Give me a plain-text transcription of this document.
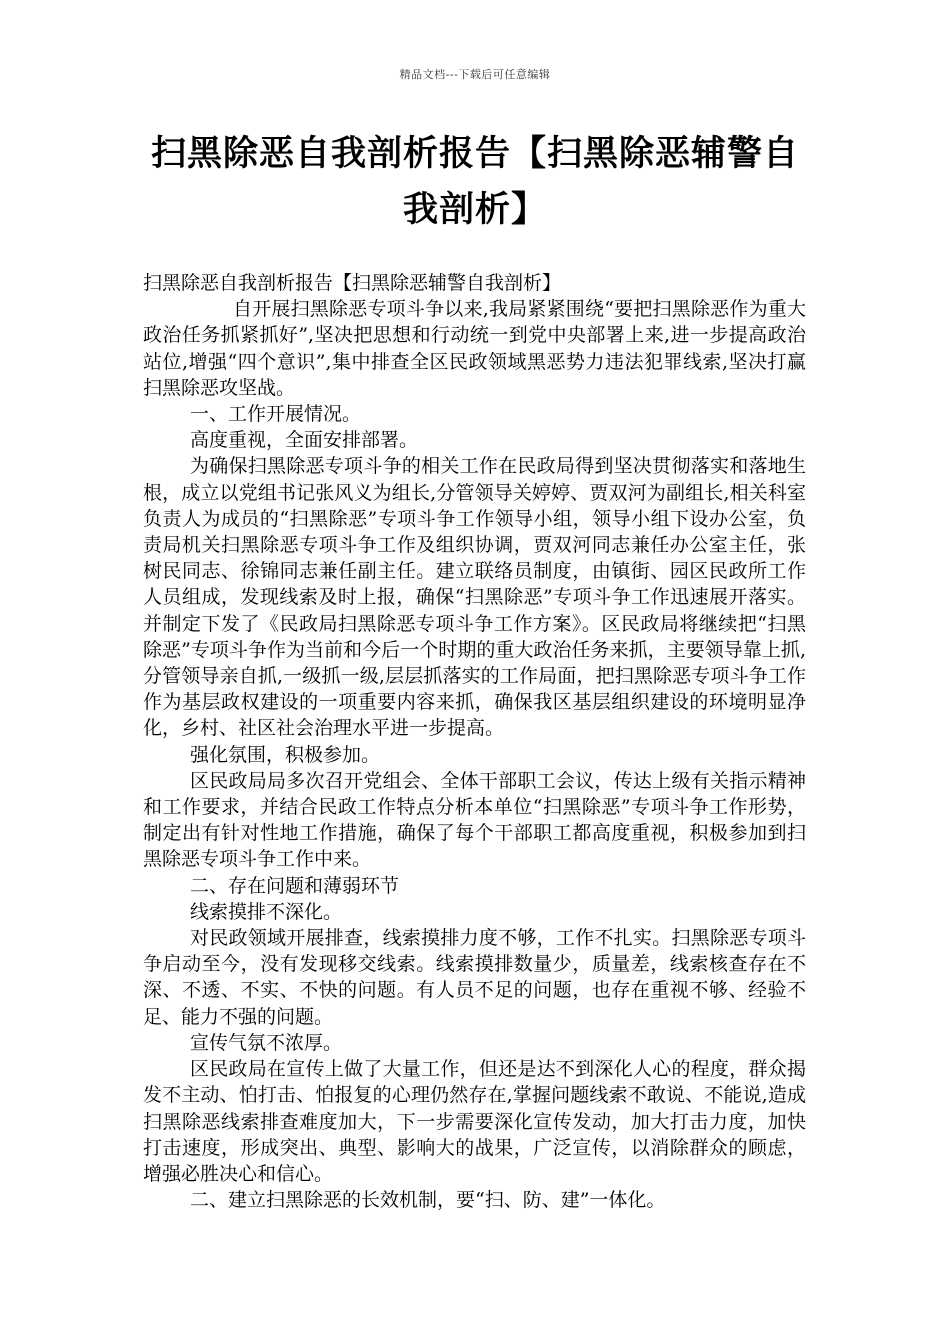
精品文档---下载后可任意编辑
扫黑除恶自我剖析报告【扫黑除恶辅警自我剖析】

扫黑除恶自我剖析报告【扫黑除恶辅警自我剖析】

自开展扫黑除恶专项斗争以来,我局紧紧围绕“要把扫黑除恶作为重大政治任务抓紧抓好”,坚决把思想和行动统一到党中央部署上来,进一步提高政治站位,增强“四个意识”,集中排查全区民政领域黑恶势力违法犯罪线索,坚决打赢扫黑除恶攻坚战。

一、工作开展情况。

高度重视，全面安排部署。

为确保扫黑除恶专项斗争的相关工作在民政局得到坚决贯彻落实和落地生根，成立以党组书记张风义为组长,分管领导关婷婷、贾双河为副组长,相关科室负责人为成员的“扫黑除恶”专项斗争工作领导小组，领导小组下设办公室，负责局机关扫黑除恶专项斗争工作及组织协调，贾双河同志兼任办公室主任，张树民同志、徐锦同志兼任副主任。建立联络员制度，由镇街、园区民政所工作人员组成，发现线索及时上报，确保“扫黑除恶”专项斗争工作迅速展开落实。并制定下发了《民政局扫黑除恶专项斗争工作方案》。区民政局将继续把“扫黑除恶”专项斗争作为当前和今后一个时期的重大政治任务来抓，主要领导靠上抓,分管领导亲自抓,一级抓一级,层层抓落实的工作局面，把扫黑除恶专项斗争工作作为基层政权建设的一项重要内容来抓，确保我区基层组织建设的环境明显净化，乡村、社区社会治理水平进一步提高。

强化氛围，积极参加。

区民政局局多次召开党组会、全体干部职工会议，传达上级有关指示精神和工作要求，并结合民政工作特点分析本单位“扫黑除恶”专项斗争工作形势，制定出有针对性地工作措施，确保了每个干部职工都高度重视，积极参加到扫黑除恶专项斗争工作中来。

二、存在问题和薄弱环节

线索摸排不深化。

对民政领域开展排查，线索摸排力度不够，工作不扎实。扫黑除恶专项斗争启动至今，没有发现移交线索。线索摸排数量少，质量差，线索核查存在不深、不透、不实、不快的问题。有人员不足的问题，也存在重视不够、经验不足、能力不强的问题。

宣传气氛不浓厚。

区民政局在宣传上做了大量工作，但还是达不到深化人心的程度，群众揭发不主动、怕打击、怕报复的心理仍然存在,掌握问题线索不敢说、不能说,造成扫黑除恶线索排查难度加大，下一步需要深化宣传发动，加大打击力度，加快打击速度，形成突出、典型、影响大的战果，广泛宣传，以消除群众的顾虑，增强必胜决心和信心。

二、建立扫黑除恶的长效机制，要“扫、防、建”一体化。
